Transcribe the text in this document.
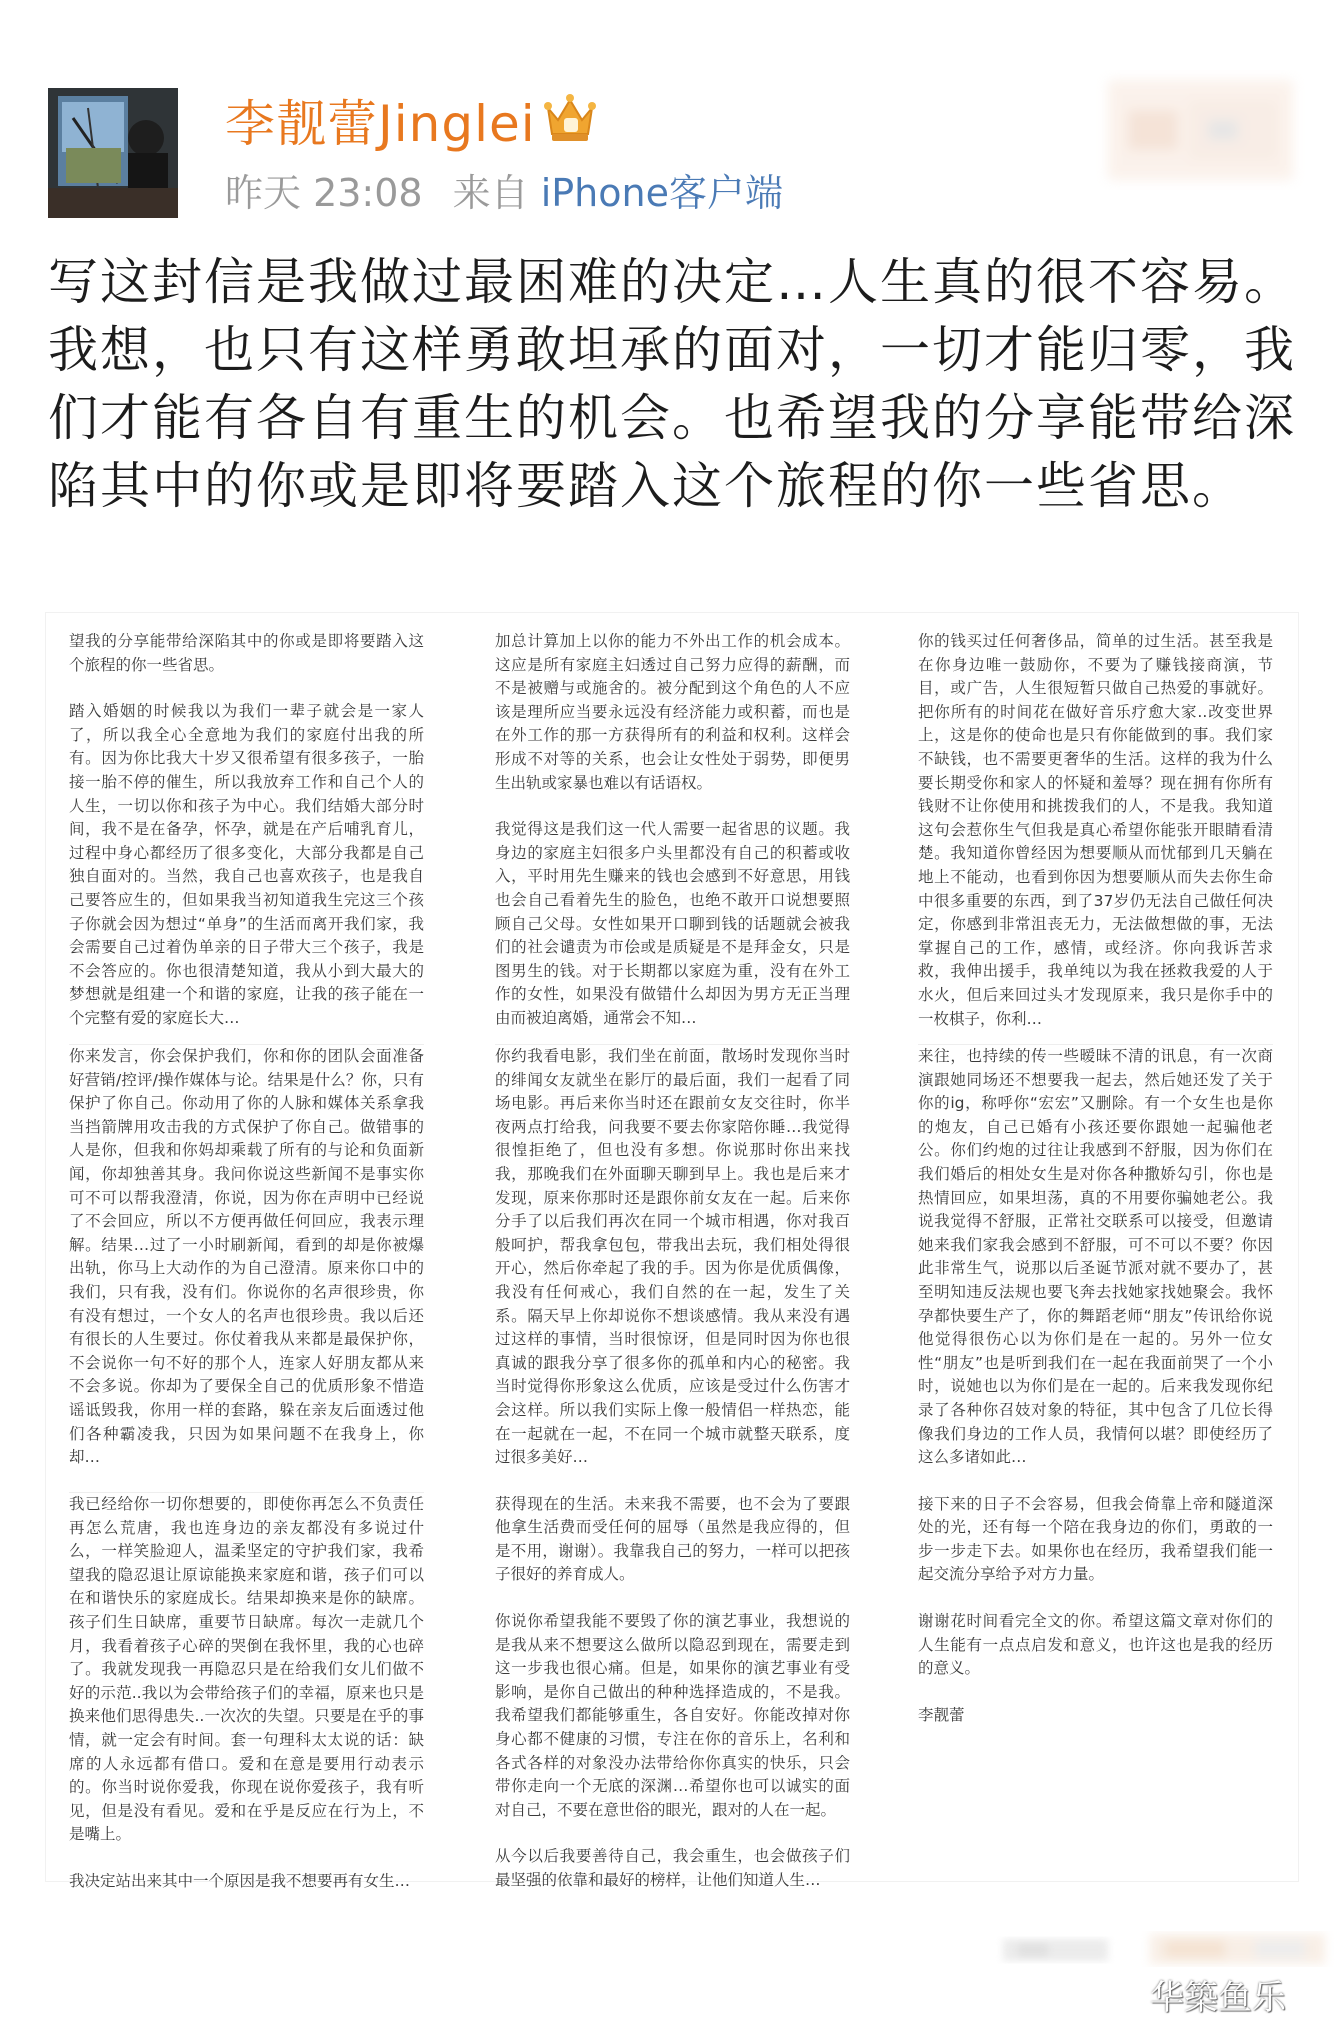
李靓蕾Jinglei
昨天 23:08 来自 iPhone客户端
写这封信是我做过最困难的决定…人生真的很不容易。我想，也只有这样勇敢坦承的面对，一切才能归零，我们才能有各自有重生的机会。也希望我的分享能带给深陷其中的你或是即将要踏入这个旅程的你一些省思。

望我的分享能带给深陷其中的你或是即将要踏入这个旅程的你一些省思。

踏入婚姻的时候我以为我们一辈子就会是一家人了，所以我全心全意地为我们的家庭付出我的所有。因为你比我大十岁又很希望有很多孩子，一胎接一胎不停的催生，所以我放弃工作和自己个人的人生，一切以你和孩子为中心。我们结婚大部分时间，我不是在备孕，怀孕，就是在产后哺乳育儿，过程中身心都经历了很多变化，大部分我都是自己独自面对的。当然，我自己也喜欢孩子，也是我自己要答应生的，但如果我当初知道我生完这三个孩子你就会因为想过“单身”的生活而离开我们家，我会需要自己过着伪单亲的日子带大三个孩子，我是不会答应的。你也很清楚知道，我从小到大最大的梦想就是组建一个和谐的家庭，让我的孩子能在一个完整有爱的家庭长大…

你来发言，你会保护我们，你和你的团队会面准备好营销/控评/操作媒体与论。结果是什么？你，只有保护了你自己。你动用了你的人脉和媒体关系拿我当挡箭牌用攻击我的方式保护了你自己。做错事的人是你，但我和你妈却乘载了所有的与论和负面新闻，你却独善其身。我问你说这些新闻不是事实你可不可以帮我澄清，你说，因为你在声明中已经说了不会回应，所以不方便再做任何回应，我表示理解。结果…过了一小时刷新闻，看到的却是你被爆出轨，你马上大动作的为自己澄清。原来你口中的我们，只有我，没有们。你说你的名声很珍贵，你有没有想过，一个女人的名声也很珍贵。我以后还有很长的人生要过。你仗着我从来都是最保护你，不会说你一句不好的那个人，连家人好朋友都从来不会多说。你却为了要保全自己的优质形象不惜造谣诋毁我，你用一样的套路，躲在亲友后面透过他们各种霸凌我，只因为如果问题不在我身上，你却…

我已经给你一切你想要的，即使你再怎么不负责任再怎么荒唐，我也连身边的亲友都没有多说过什么，一样笑脸迎人，温柔坚定的守护我们家，我希望我的隐忍退让原谅能换来家庭和谐，孩子们可以在和谐快乐的家庭成长。结果却换来是你的缺席。孩子们生日缺席，重要节日缺席。每次一走就几个月，我看着孩子心碎的哭倒在我怀里，我的心也碎了。我就发现我一再隐忍只是在给我们女儿们做不好的示范..我以为会带给孩子们的幸福，原来也只是换来他们思得患失..一次次的失望。只要是在乎的事情，就一定会有时间。套一句理科太太说的话：缺席的人永远都有借口。爱和在意是要用行动表示的。你当时说你爱我，你现在说你爱孩子，我有听见，但是没有看见。爱和在乎是反应在行为上，不是嘴上。

我决定站出来其中一个原因是我不想要再有女生…

加总计算加上以你的能力不外出工作的机会成本。这应是所有家庭主妇透过自己努力应得的薪酬，而不是被赠与或施舍的。被分配到这个角色的人不应该是理所应当要永远没有经济能力或积蓄，而也是在外工作的那一方获得所有的利益和权利。这样会形成不对等的关系，也会让女性处于弱势，即便男生出轨或家暴也难以有话语权。

我觉得这是我们这一代人需要一起省思的议题。我身边的家庭主妇很多户头里都没有自己的积蓄或收入，平时用先生赚来的钱也会感到不好意思，用钱也会自己看着先生的脸色，也绝不敢开口说想要照顾自己父母。女性如果开口聊到钱的话题就会被我们的社会谴责为市侩或是质疑是不是拜金女，只是图男生的钱。对于长期都以家庭为重，没有在外工作的女性，如果没有做错什么却因为男方无正当理由而被迫离婚，通常会不知…

你约我看电影，我们坐在前面，散场时发现你当时的绯闻女友就坐在影厅的最后面，我们一起看了同场电影。再后来你当时还在跟前女友交往时，你半夜两点打给我，问我要不要去你家陪你睡…我觉得很惶拒绝了，但也没有多想。你说那时你出来找我，那晚我们在外面聊天聊到早上。我也是后来才发现，原来你那时还是跟你前女友在一起。后来你分手了以后我们再次在同一个城市相遇，你对我百般呵护，帮我拿包包，带我出去玩，我们相处得很开心，然后你牵起了我的手。因为你是优质偶像，我没有任何戒心，我们自然的在一起，发生了关系。隔天早上你却说你不想谈感情。我从来没有遇过这样的事情，当时很惊讶，但是同时因为你也很真诚的跟我分享了很多你的孤单和内心的秘密。我当时觉得你形象这么优质，应该是受过什么伤害才会这样。所以我们实际上像一般情侣一样热恋，能在一起就在一起，不在同一个城市就整天联系，度过很多美好…

获得现在的生活。未来我不需要，也不会为了要跟他拿生活费而受任何的屈辱（虽然是我应得的，但是不用，谢谢）。我靠我自己的努力，一样可以把孩子很好的养育成人。

你说你希望我能不要毁了你的演艺事业，我想说的是我从来不想要这么做所以隐忍到现在，需要走到这一步我也很心痛。但是，如果你的演艺事业有受影响，是你自己做出的种种选择造成的，不是我。我希望我们都能够重生，各自安好。你能改掉对你身心都不健康的习惯，专注在你的音乐上，名利和各式各样的对象没办法带给你你真实的快乐，只会带你走向一个无底的深渊…希望你也可以诚实的面对自己，不要在意世俗的眼光，跟对的人在一起。

从今以后我要善待自己，我会重生，也会做孩子们最坚强的依靠和最好的榜样，让他们知道人生…

你的钱买过任何奢侈品，简单的过生活。甚至我是在你身边唯一鼓励你，不要为了赚钱接商演，节目，或广告，人生很短暂只做自己热爱的事就好。把你所有的时间花在做好音乐疗愈大家..改变世界上，这是你的使命也是只有你能做到的事。我们家不缺钱，也不需要更奢华的生活。这样的我为什么要长期受你和家人的怀疑和羞辱？现在拥有你所有钱财不让你使用和挑拨我们的人，不是我。我知道这句会惹你生气但我是真心希望你能张开眼睛看清楚。我知道你曾经因为想要顺从而忧郁到几天躺在地上不能动，也看到你因为想要顺从而失去你生命中很多重要的东西，到了37岁仍无法自己做任何决定，你感到非常沮丧无力，无法做想做的事，无法掌握自己的工作，感情，或经济。你向我诉苦求救，我伸出援手，我单纯以为我在拯救我爱的人于水火，但后来回过头才发现原来，我只是你手中的一枚棋子，你利…

来往，也持续的传一些暧昧不清的讯息，有一次商演跟她同场还不想要我一起去，然后她还发了关于你的ig，称呼你“宏宏”又删除。有一个女生也是你的炮友，自己已婚有小孩还要你跟她一起骗他老公。你们约炮的过往让我感到不舒服，因为你们在我们婚后的相处女生是对你各种撒娇勾引，你也是热情回应，如果坦荡，真的不用要你骗她老公。我说我觉得不舒服，正常社交联系可以接受，但邀请她来我们家我会感到不舒服，可不可以不要？你因此非常生气，说那以后圣诞节派对就不要办了，甚至明知违反法规也要飞奔去找她家找她聚会。我怀孕都快要生产了，你的舞蹈老师“朋友”传讯给你说他觉得很伤心以为你们是在一起的。另外一位女性“朋友”也是听到我们在一起在我面前哭了一个小时，说她也以为你们是在一起的。后来我发现你纪录了各种你召妓对象的特征，其中包含了几位长得像我们身边的工作人员，我情何以堪？即使经历了这么多诸如此…

接下来的日子不会容易，但我会倚靠上帝和隧道深处的光，还有每一个陪在我身边的你们，勇敢的一步一步走下去。如果你也在经历，我希望我们能一起交流分享给予对方力量。

谢谢花时间看完全文的你。希望这篇文章对你们的人生能有一点点启发和意义，也许这也是我的经历的意义。

李靓蕾

华築鱼乐
